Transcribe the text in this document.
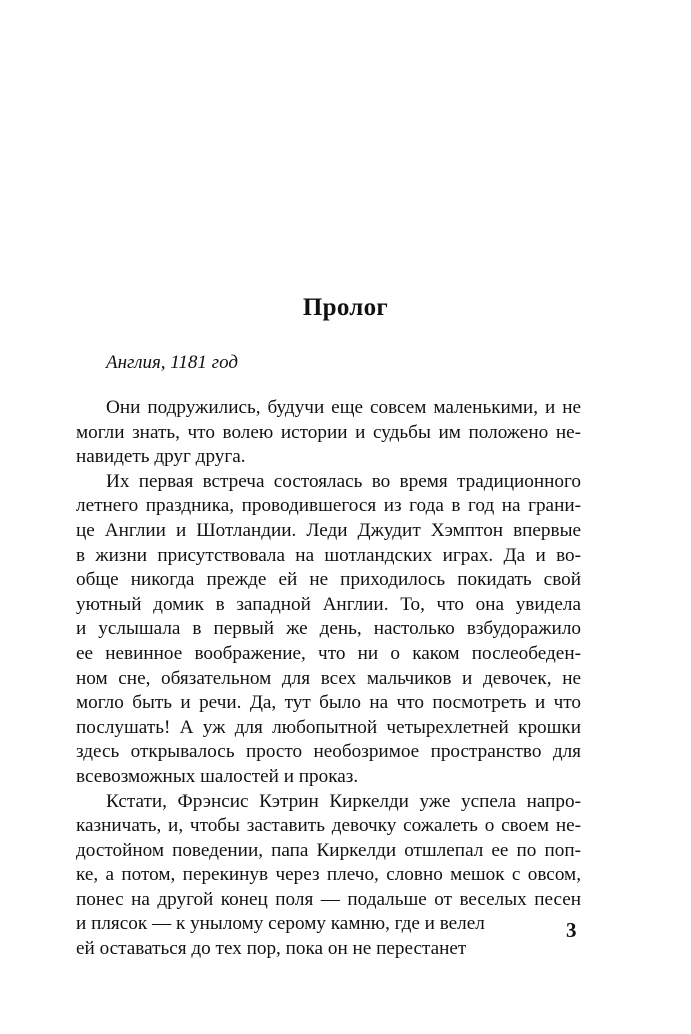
Пролог
Англия, 1181 год
Они подружились, будучи еще совсем маленькими, и не
могли знать, что волею истории и судьбы им положено не-
навидеть друг друга.
Их первая встреча состоялась во время традиционного
летнего праздника, проводившегося из года в год на грани-
це Англии и Шотландии. Леди Джудит Хэмптон впервые
в жизни присутствовала на шотландских играх. Да и во-
обще никогда прежде ей не приходилось покидать свой
уютный домик в западной Англии. То, что она увидела
и услышала в первый же день, настолько взбудоражило
ее невинное воображение, что ни о каком послеобеден-
ном сне, обязательном для всех мальчиков и девочек, не
могло быть и речи. Да, тут было на что посмотреть и что
послушать! А уж для любопытной четырехлетней крошки
здесь открывалось просто необозримое пространство для
всевозможных шалостей и проказ.
Кстати, Фрэнсис Кэтрин Киркелди уже успела напро-
казничать, и, чтобы заставить девочку сожалеть о своем не-
достойном поведении, папа Киркелди отшлепал ее по поп-
ке, а потом, перекинув через плечо, словно мешок с овсом,
понес на другой конец поля — подальше от веселых песен
и плясок — к унылому серому камню, где и велел
ей оставаться до тех пор, пока он не перестанет
3
